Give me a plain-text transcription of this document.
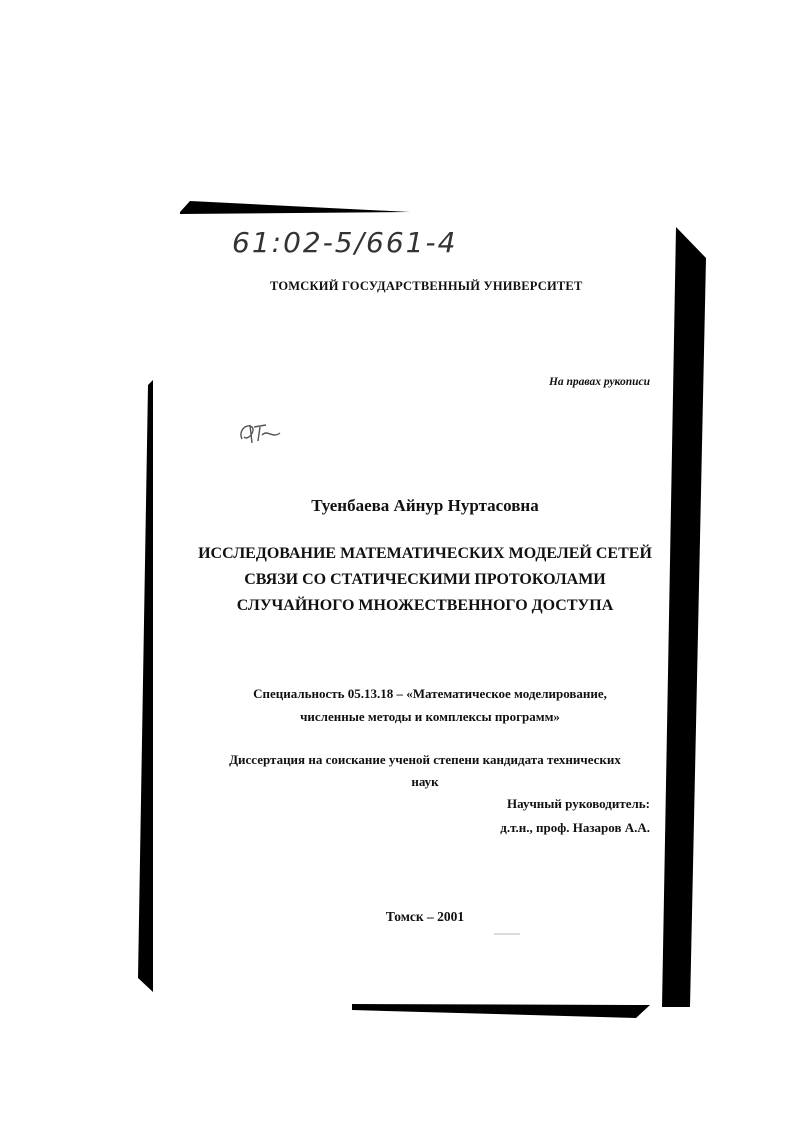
61:02-5/661-4
ТОМСКИЙ ГОСУДАРСТВЕННЫЙ УНИВЕРСИТЕТ
На правах рукописи
Туенбаева Айнур Нуртасовна
ИССЛЕДОВАНИЕ МАТЕМАТИЧЕСКИХ МОДЕЛЕЙ СЕТЕЙ
СВЯЗИ СО СТАТИЧЕСКИМИ ПРОТОКОЛАМИ
СЛУЧАЙНОГО МНОЖЕСТВЕННОГО ДОСТУПА
Специальность 05.13.18 – «Математическое моделирование,
численные методы и комплексы программ»
Диссертация на соискание ученой степени кандидата технических
наук
Научный руководитель:
д.т.н., проф. Назаров А.А.
Томск – 2001
